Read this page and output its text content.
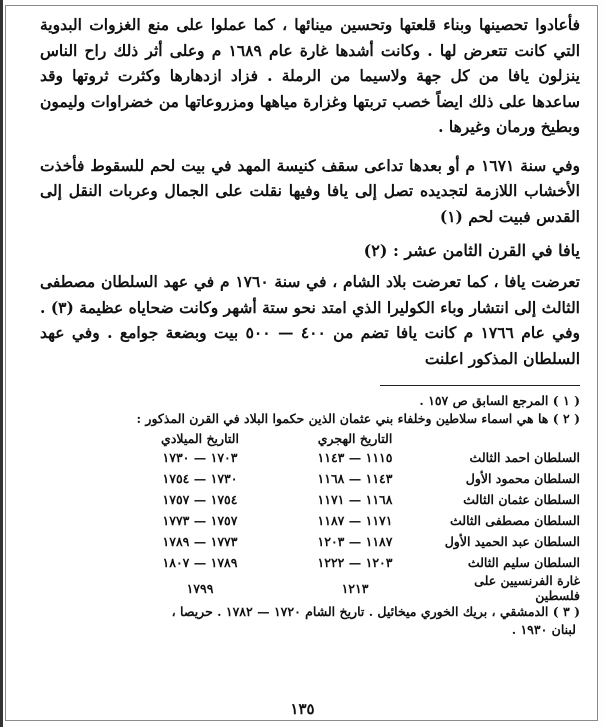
فأعادوا تحصينها وبناء قلعتها وتحسين مينائها ، كما عملوا على منع الغزوات البدوية التي كانت تتعرض لها . وكانت أشدها غارة عام ١٦٨٩ م وعلى أثر ذلك راح الناس ينزلون يافا من كل جهة ولاسيما من الرملة . فزاد ازدهارها وكثرت ثروتها وقد ساعدها على ذلك ايضاً خصب تربتها وغزارة مياهها ومزروعاتها من خضراوات وليمون وبطيخ ورمان وغيرها .

وفي سنة ١٦٧١ م أو بعدها تداعى سقف كنيسة المهد في بيت لحم للسقوط فأخذت الأخشاب اللازمة لتجديده تصل إلى يافا وفيها نقلت على الجمال وعربات النقل إلى القدس فبيت لحم (١)

يافا في القرن الثامن عشر : (٢)

تعرضت يافا ، كما تعرضت بلاد الشام ، في سنة ١٧٦٠ م في عهد السلطان مصطفى الثالث إلى انتشار وباء الكوليرا الذي امتد نحو ستة أشهر وكانت ضحاياه عظيمة (٣) . وفي عام ١٧٦٦ م كانت يافا تضم من ٤٠٠ — ٥٠٠ بيت وبضعة جوامع . وفي عهد السلطان المذكور اعلنت

( ١ ) المرجع السابق ص ١٥٧ .

( ٢ ) ها هي اسماء سلاطين وخلفاء بني عثمان الذين حكموا البلاد في القرن المذكور :

	التاريخ الهجري	التاريخ الميلادي
السلطان احمد الثالث	١١١٥ — ١١٤٣	١٧٠٣ — ١٧٣٠
السلطان محمود الأول	١١٤٣ — ١١٦٨	١٧٣٠ — ١٧٥٤
السلطان عثمان الثالث	١١٦٨ — ١١٧١	١٧٥٤ — ١٧٥٧
السلطان مصطفى الثالث	١١٧١ — ١١٨٧	١٧٥٧ — ١٧٧٣
السلطان عبد الحميد الأول	١١٨٧ — ١٢٠٣	١٧٧٣ — ١٧٨٩
السلطان سليم الثالث	١٢٠٣ — ١٢٢٢	١٧٨٩ — ١٨٠٧
غارة الفرنسيين على فلسطين	١٢١٣	١٧٩٩

( ٣ ) الدمشقي ، بريك الخوري ميخائيل . تاريخ الشام ١٧٢٠ — ١٧٨٢ . حريصا ،

لبنان ١٩٣٠ .

١٣٥
